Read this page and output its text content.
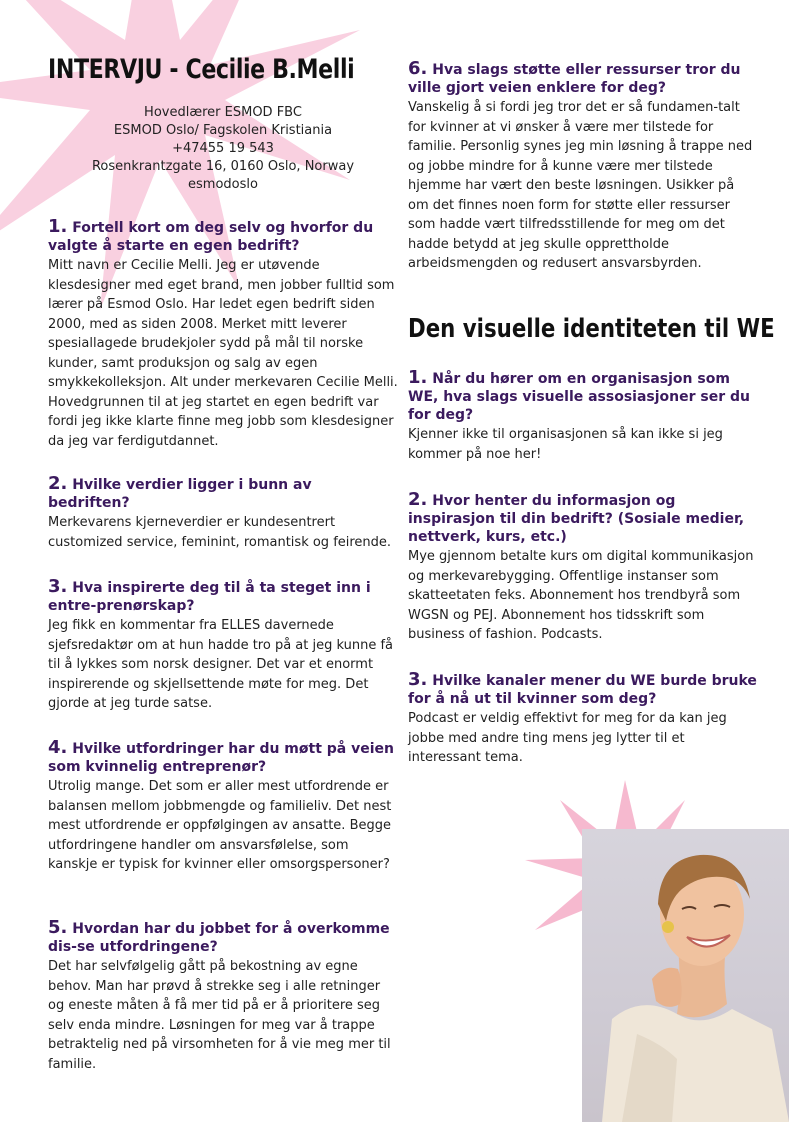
INTERVJU - Cecilie B.Melli
Hovedlærer ESMOD FBC
ESMOD Oslo/ Fagskolen Kristiania
+47455 19 543
Rosenkrantzgate 16, 0160 Oslo, Norway
esmodoslo
1. Fortell kort om deg selv og hvorfor du valgte å starte en egen bedrift?

Mitt navn er Cecilie Melli. Jeg er utøvende klesdesigner med eget brand, men jobber fulltid som lærer på Esmod Oslo. Har ledet egen bedrift siden 2000, med as siden 2008. Merket mitt leverer spesiallagede brudekjoler sydd på mål til norske kunder, samt produksjon og salg av egen smykkekolleksjon. Alt under merkevaren Cecilie Melli. Hovedgrunnen til at jeg startet en egen bedrift var fordi jeg ikke klarte finne meg jobb som klesdesigner da jeg var ferdigutdannet.

2. Hvilke verdier ligger i bunn av bedriften?

Merkevarens kjerneverdier er kundesentrert customized service, feminint, romantisk og feirende.

3. Hva inspirerte deg til å ta steget inn i entre-prenørskap?

Jeg fikk en kommentar fra ELLES davernede sjefsredaktør om at hun hadde tro på at jeg kunne få til å lykkes som norsk designer. Det var et enormt inspirerende og skjellsettende møte for meg. Det gjorde at jeg turde satse.

4. Hvilke utfordringer har du møtt på veien som kvinnelig entreprenør?

Utrolig mange. Det som er aller mest utfordrende er balansen mellom jobbmengde og familieliv. Det nest mest utfordrende er oppfølgingen av ansatte. Begge utfordringene handler om ansvarsfølelse, som kanskje er typisk for kvinner eller omsorgspersoner?

5. Hvordan har du jobbet for å overkomme dis-se utfordringene?

Det har selvfølgelig gått på bekostning av egne behov. Man har prøvd å strekke seg i alle retninger og eneste måten å få mer tid på er å prioritere seg selv enda mindre. Løsningen for meg var å trappe betraktelig ned på virsomheten for å vie meg mer til familie.

6. Hva slags støtte eller ressurser tror du ville gjort veien enklere for deg?

Vanskelig å si fordi jeg tror det er så fundamen-talt for kvinner at vi ønsker å være mer tilstede for familie. Personlig synes jeg min løsning å trappe ned og jobbe mindre for å kunne være mer tilstede hjemme har vært den beste løsningen. Usikker på om det finnes noen form for støtte eller ressurser som hadde vært tilfredsstillende for meg om det hadde betydd at jeg skulle opprettholde arbeidsmengden og redusert ansvarsbyrden.

Den visuelle identiteten til WE
1. Når du hører om en organisasjon som WE, hva slags visuelle assosiasjoner ser du for deg?

Kjenner ikke til organisasjonen så kan ikke si jeg kommer på noe her!

2. Hvor henter du informasjon og inspirasjon til din bedrift? (Sosiale medier, nettverk, kurs, etc.)

Mye gjennom betalte kurs om digital kommunikasjon og merkevarebygging. Offentlige instanser som skatteetaten feks. Abonnement hos trendbyrå som WGSN og PEJ. Abonnement hos tidsskrift som business of fashion. Podcasts.

3. Hvilke kanaler mener du WE burde bruke for å nå ut til kvinner som deg?

Podcast er veldig effektivt for meg for da kan jeg jobbe med andre ting mens jeg lytter til et interessant tema.
